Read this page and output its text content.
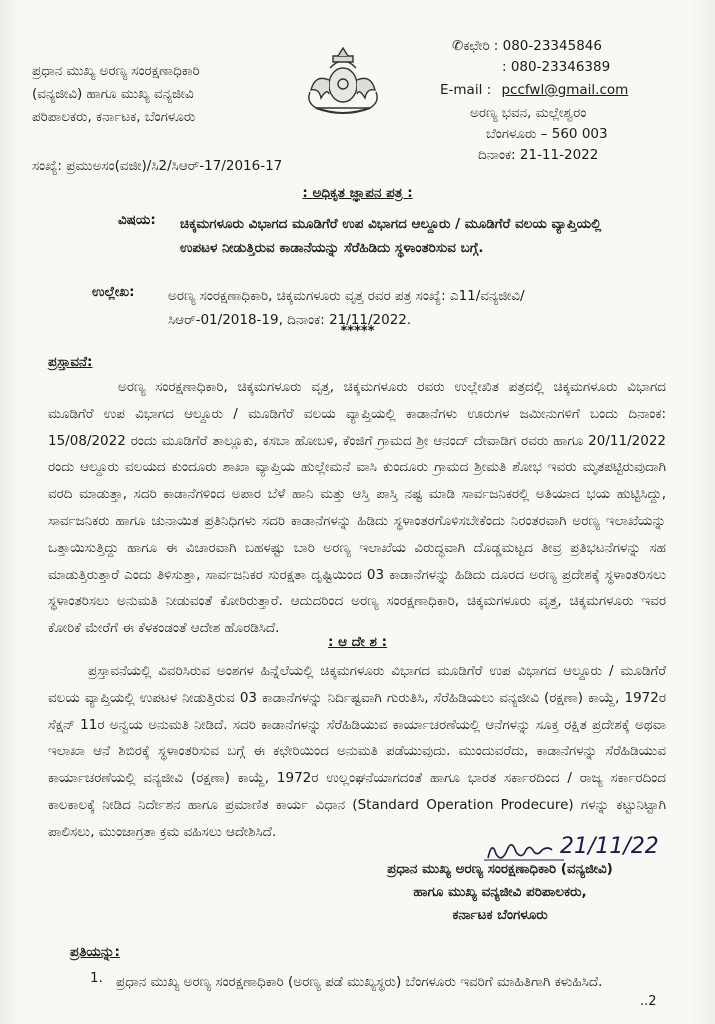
ಪ್ರಧಾನ ಮುಖ್ಯ ಅರಣ್ಯ ಸಂರಕ್ಷಣಾಧಿಕಾರಿ
(ವನ್ಯಜೀವಿ) ಹಾಗೂ ಮುಖ್ಯ ವನ್ಯಜೀವಿ
ಪರಿಪಾಲಕರು, ಕರ್ನಾಟಕ, ಬೆಂಗಳೂರು
✆ಕಛೇರಿ : 080-23345846
: 080-23346389
E-mail : pccfwl@gmail.com
ಅರಣ್ಯ ಭವನ, ಮಲ್ಲೇಶ್ವರಂ
ಬೆಂಗಳೂರು – 560 003
ದಿನಾಂಕ: 21-11-2022
ಸಂಖ್ಯೆ: ಪ್ರಮುಅಸಂ(ವಜೀ)/ಸಿ2/ಸಿಆರ್-17/2016-17
: ಅಧಿಕೃತ ಜ್ಞಾಪನ ಪತ್ರ :
ವಿಷಯ: ಚಿಕ್ಕಮಗಳೂರು ವಿಭಾಗದ ಮೂಡಿಗೆರೆ ಉಪ ವಿಭಾಗದ ಆಲ್ದೂರು / ಮೂಡಿಗೆರೆ ವಲಯ ವ್ಯಾಪ್ತಿಯಲ್ಲಿ ಉಪಟಳ ನೀಡುತ್ತಿರುವ ಕಾಡಾನೆಯನ್ನು ಸೆರೆಹಿಡಿದು ಸ್ಥಳಾಂತರಿಸುವ ಬಗ್ಗೆ.
ಉಲ್ಲೇಖ: ಅರಣ್ಯ ಸಂರಕ್ಷಣಾಧಿಕಾರಿ, ಚಿಕ್ಕಮಗಳೂರು ವೃತ್ತ ರವರ ಪತ್ರ ಸಂಖ್ಯೆ: ಎ11/ವನ್ಯಜೀವಿ/ಸಿಆರ್-01/2018-19, ದಿನಾಂಕ: 21/11/2022.
*****
ಪ್ರಸ್ತಾವನೆ:
ಅರಣ್ಯ ಸಂರಕ್ಷಣಾಧಿಕಾರಿ, ಚಿಕ್ಕಮಗಳೂರು ವೃತ್ತ, ಚಿಕ್ಕಮಗಳೂರು ರವರು ಉಲ್ಲೇಖಿತ ಪತ್ರದಲ್ಲಿ ಚಿಕ್ಕಮಗಳೂರು ವಿಭಾಗದ ಮೂಡಿಗೆರೆ ಉಪ ವಿಭಾಗದ ಆಲ್ದೂರು / ಮೂಡಿಗೆರೆ ವಲಯ ವ್ಯಾಪ್ತಿಯಲ್ಲಿ ಕಾಡಾನೆಗಳು ಊರುಗಳ ಜಮೀನುಗಳಿಗೆ ಬಂದು ದಿನಾಂಕ: 15/08/2022 ರಂದು ಮೂಡಿಗೆರೆ ತಾಲ್ಲೂಕು, ಕಸಬಾ ಹೋಬಳಿ, ಕೆಂಜಿಗೆ ಗ್ರಾಮದ ಶ್ರೀ ಆನಂದ್ ದೇವಾಡಿಗ ರವರು ಹಾಗೂ 20/11/2022 ರಂದು ಆಲ್ದೂರು ವಲಯದ ಕುಂದೂರು ಶಾಖಾ ವ್ಯಾಪ್ತಿಯ ಹುಲ್ಲೇಮನೆ ವಾಸಿ ಕುಂದೂರು ಗ್ರಾಮದ ಶ್ರೀಮತಿ ಶೋಭ ಇವರು ಮೃತಪಟ್ಟಿರುವುದಾಗಿ ವರದಿ ಮಾಡುತ್ತಾ, ಸದರಿ ಕಾಡಾನೆಗಳಿಂದ ಅಪಾರ ಬೆಳೆ ಹಾನಿ ಮತ್ತು ಆಸ್ತಿ ಪಾಸ್ತಿ ನಷ್ಟ ಮಾಡಿ ಸಾರ್ವಜನಿಕರಲ್ಲಿ ಅತಿಯಾದ ಭಯ ಹುಟ್ಟಿಸಿದ್ದು, ಸಾರ್ವಜನಿಕರು ಹಾಗೂ ಚುನಾಯಿತ ಪ್ರತಿನಿಧಿಗಳು ಸದರಿ ಕಾಡಾನೆಗಳನ್ನು ಹಿಡಿದು ಸ್ಥಳಾಂತರಗೊಳಿಸಬೇಕೆಂದು ನಿರಂತರವಾಗಿ ಅರಣ್ಯ ಇಲಾಖೆಯನ್ನು ಒತ್ತಾಯಿಸುತ್ತಿದ್ದು ಹಾಗೂ ಈ ವಿಚಾರವಾಗಿ ಬಹಳಷ್ಟು ಬಾರಿ ಅರಣ್ಯ ಇಲಾಖೆಯ ವಿರುದ್ಧವಾಗಿ ದೊಡ್ಡಮಟ್ಟದ ತೀವ್ರ ಪ್ರತಿಭಟನೆಗಳನ್ನು ಸಹ ಮಾಡುತ್ತಿರುತ್ತಾರೆ ಎಂದು ತಿಳಿಸುತ್ತಾ, ಸಾರ್ವಜನಿಕರ ಸುರಕ್ಷತಾ ದೃಷ್ಟಿಯಿಂದ 03 ಕಾಡಾನೆಗಳನ್ನು ಹಿಡಿದು ದೂರದ ಅರಣ್ಯ ಪ್ರದೇಶಕ್ಕೆ ಸ್ಥಳಾಂತರಿಸಲು ಸ್ಥಳಾಂತರಿಸಲು ಅನುಮತಿ ನೀಡುವಂತೆ ಕೋರಿರುತ್ತಾರೆ. ಆದುದರಿಂದ ಅರಣ್ಯ ಸಂರಕ್ಷಣಾಧಿಕಾರಿ, ಚಿಕ್ಕಮಗಳೂರು ವೃತ್ತ, ಚಿಕ್ಕಮಗಳೂರು ಇವರ ಕೋರಿಕೆ ಮೇರೆಗೆ ಈ ಕೆಳಕಂಡಂತೆ ಆದೇಶ ಹೊರಡಿಸಿದೆ.
: ಆ ದೇ ಶ :
ಪ್ರಸ್ತಾವನೆಯಲ್ಲಿ ವಿವರಿಸಿರುವ ಅಂಶಗಳ ಹಿನ್ನೆಲೆಯಲ್ಲಿ ಚಿಕ್ಕಮಗಳೂರು ವಿಭಾಗದ ಮೂಡಿಗೆರೆ ಉಪ ವಿಭಾಗದ ಆಲ್ದೂರು / ಮೂಡಿಗೆರೆ ವಲಯ ವ್ಯಾಪ್ತಿಯಲ್ಲಿ ಉಪಟಳ ನೀಡುತ್ತಿರುವ 03 ಕಾಡಾನೆಗಳನ್ನು ನಿರ್ದಿಷ್ಟವಾಗಿ ಗುರುತಿಸಿ, ಸೆರೆಹಿಡಿಯಲು ವನ್ಯಜೀವಿ (ರಕ್ಷಣಾ) ಕಾಯ್ದೆ, 1972ರ ಸೆಕ್ಷನ್ 11ರ ಅನ್ವಯ ಅನುಮತಿ ನೀಡಿದೆ. ಸದರಿ ಕಾಡಾನೆಗಳನ್ನು ಸೆರೆಹಿಡಿಯುವ ಕಾರ್ಯಾಚರಣೆಯಲ್ಲಿ ಆನೆಗಳನ್ನು ಸೂಕ್ತ ರಕ್ಷಿತ ಪ್ರದೇಶಕ್ಕೆ ಅಥವಾ ಇಲಾಖಾ ಆನೆ ಶಿಬಿರಕ್ಕೆ ಸ್ಥಳಾಂತರಿಸುವ ಬಗ್ಗೆ ಈ ಕಛೇರಿಯಿಂದ ಅನುಮತಿ ಪಡೆಯುವುದು. ಮುಂದುವರೆದು, ಕಾಡಾನೆಗಳನ್ನು ಸೆರೆಹಿಡಿಯುವ ಕಾರ್ಯಾಚರಣೆಯಲ್ಲಿ ವನ್ಯಜೀವಿ (ರಕ್ಷಣಾ) ಕಾಯ್ದೆ, 1972ರ ಉಲ್ಲಂಘನೆಯಾಗದಂತೆ ಹಾಗೂ ಭಾರತ ಸರ್ಕಾರದಿಂದ / ರಾಜ್ಯ ಸರ್ಕಾರದಿಂದ ಕಾಲಕಾಲಕ್ಕೆ ನೀಡಿದ ನಿರ್ದೇಶನ ಹಾಗೂ ಪ್ರಮಾಣಿತ ಕಾರ್ಯ ವಿಧಾನ (Standard Operation Prodecure) ಗಳನ್ನು ಕಟ್ಟುನಿಟ್ಟಾಗಿ ಪಾಲಿಸಲು, ಮುಂಜಾಗ್ರತಾ ಕ್ರಮ ವಹಿಸಲು ಆದೇಶಿಸಿದೆ.
21/11/22
ಪ್ರಧಾನ ಮುಖ್ಯ ಅರಣ್ಯ ಸಂರಕ್ಷಣಾಧಿಕಾರಿ (ವನ್ಯಜೀವಿ)
ಹಾಗೂ ಮುಖ್ಯ ವನ್ಯಜೀವಿ ಪರಿಪಾಲಕರು,
ಕರ್ನಾಟಕ ಬೆಂಗಳೂರು
ಪ್ರತಿಯನ್ನು:
1. ಪ್ರಧಾನ ಮುಖ್ಯ ಅರಣ್ಯ ಸಂರಕ್ಷಣಾಧಿಕಾರಿ (ಅರಣ್ಯ ಪಡೆ ಮುಖ್ಯಸ್ಥರು) ಬೆಂಗಳೂರು ಇವರಿಗೆ ಮಾಹಿತಿಗಾಗಿ ಕಳುಹಿಸಿದೆ.
..2
